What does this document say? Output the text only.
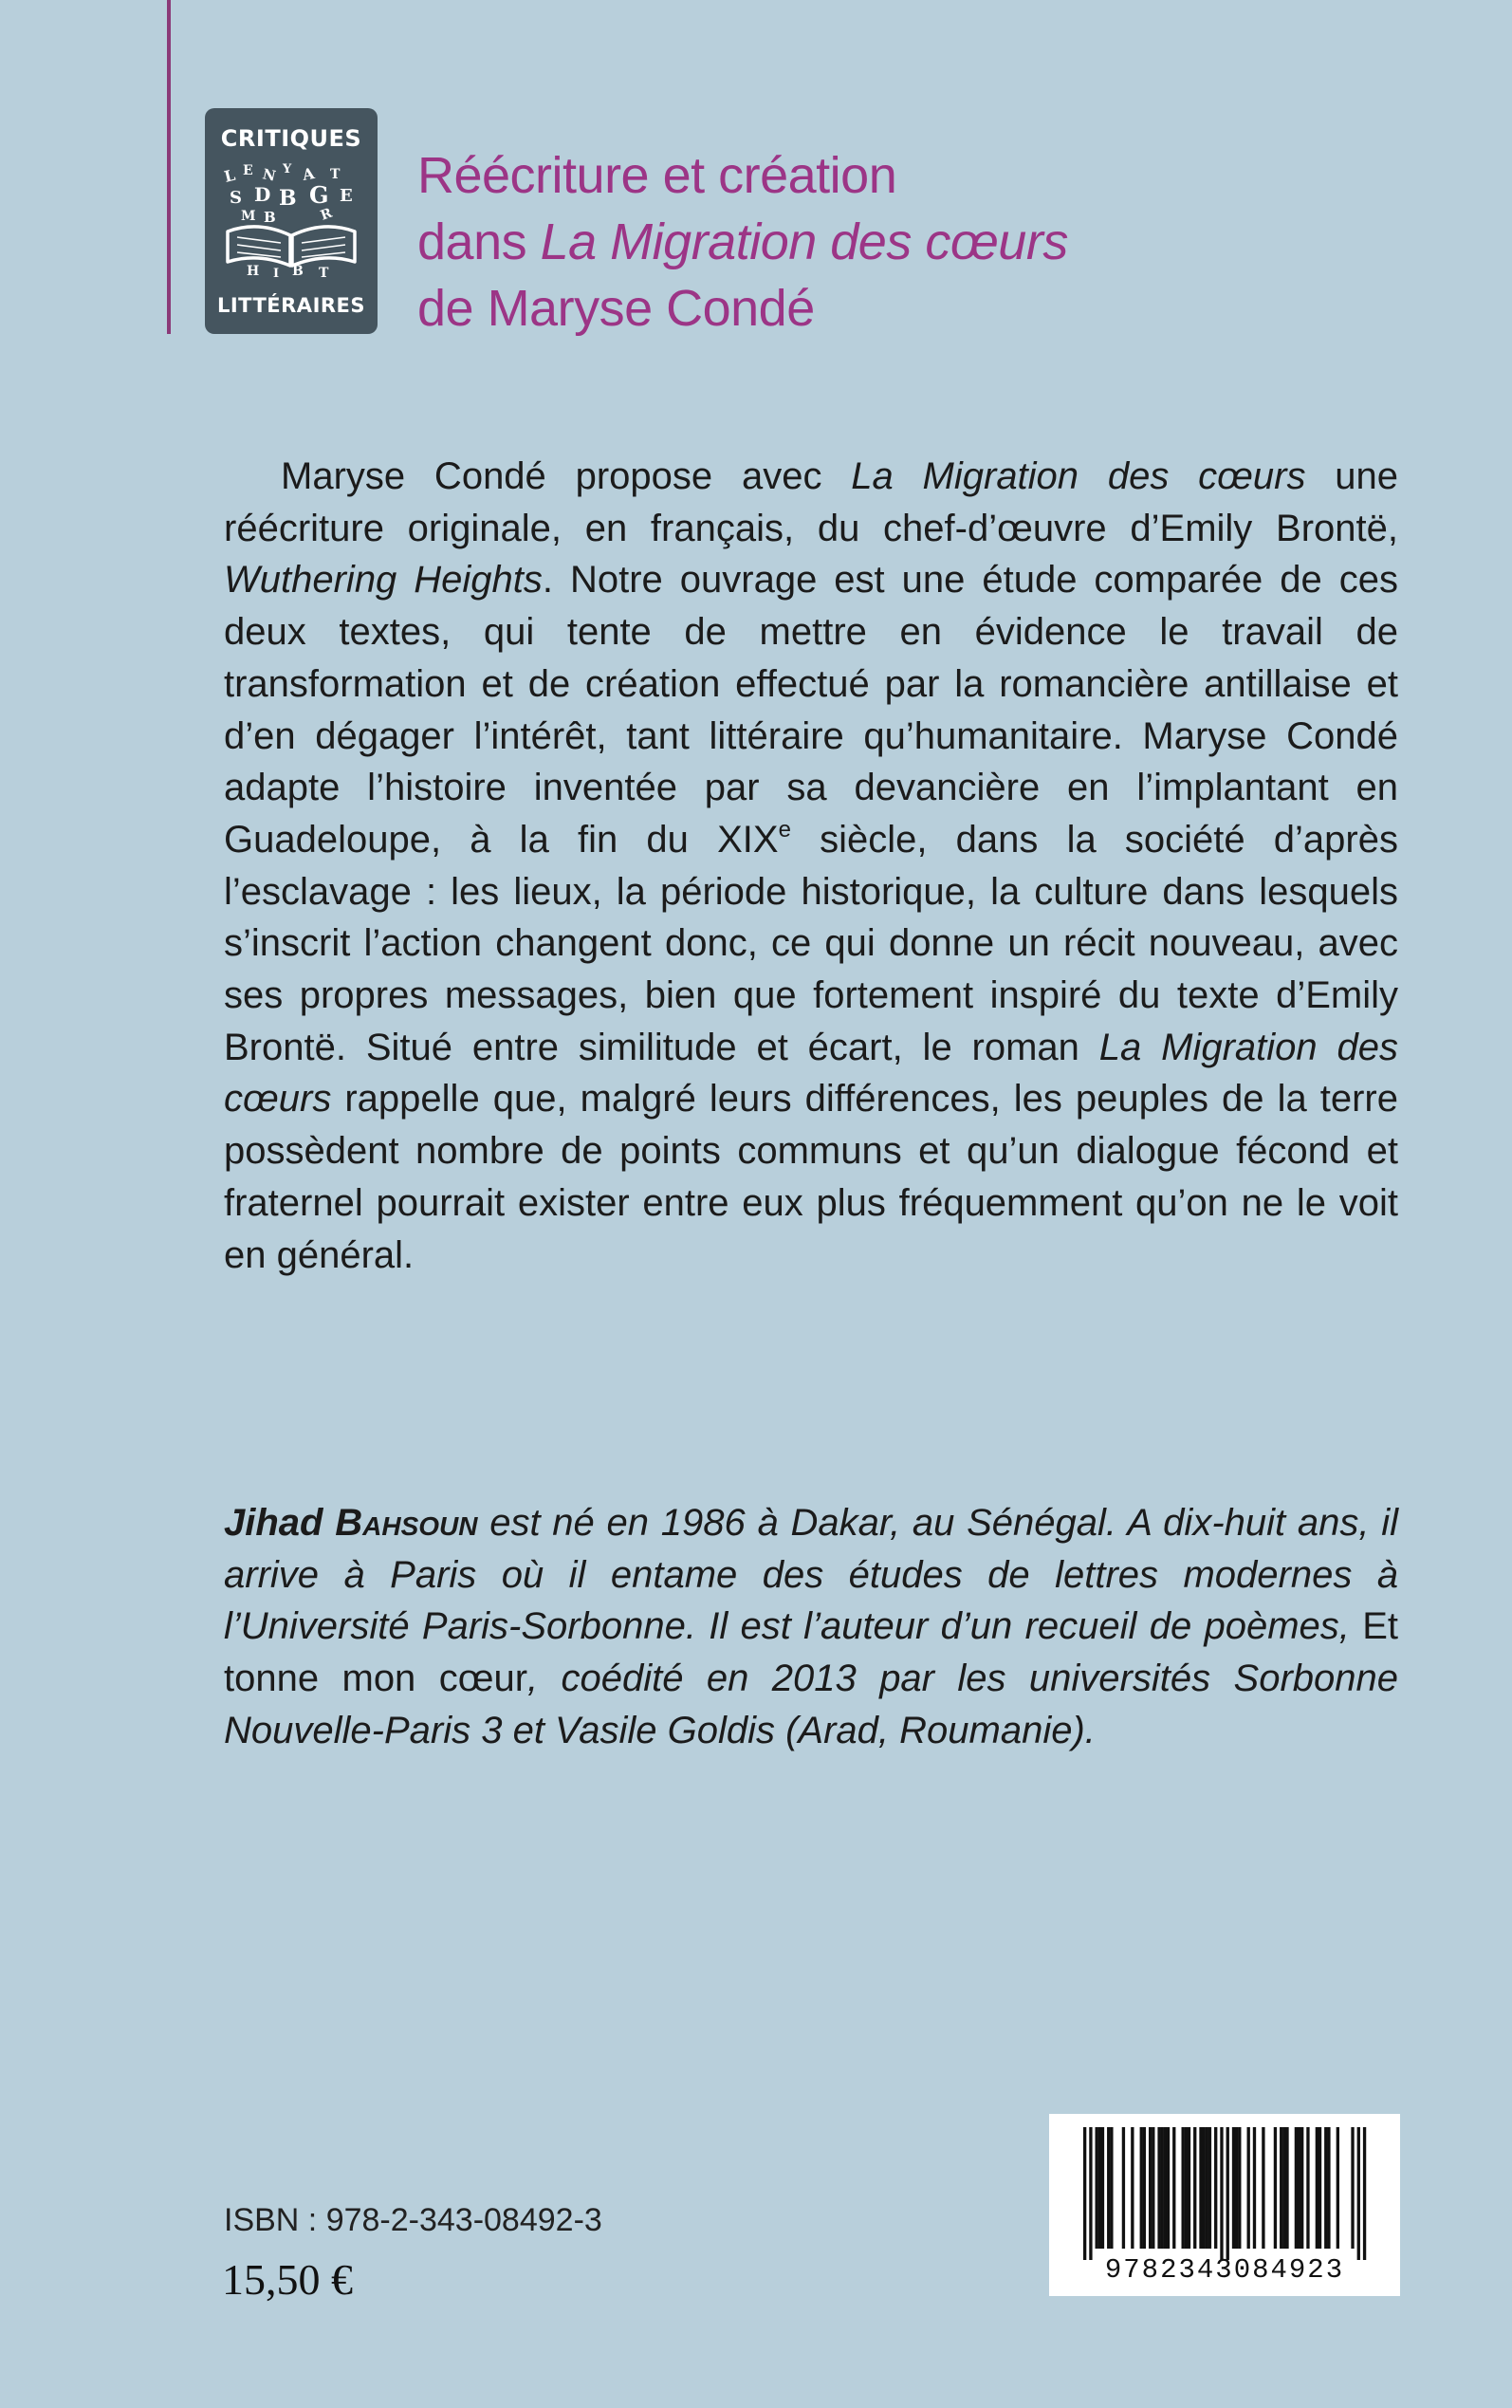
CRITIQUES
L E N Y A T
S D B G E
M B	R
H I B T
LITTÉRAIRES
Réécriture et création
dans La Migration des cœurs
de Maryse Condé

Maryse Condé propose avec La Migration des cœurs une réécriture originale, en français, du chef-d’œuvre d’Emily Brontë, Wuthering Heights. Notre ouvrage est une étude comparée de ces deux textes, qui tente de mettre en évidence le travail de transformation et de création effectué par la romancière antillaise et d’en dégager l’intérêt, tant littéraire qu’humanitaire. Maryse Condé adapte l’histoire inventée par sa devancière en l’implantant en Guadeloupe, à la fin du XIXe siècle, dans la société d’après l’esclavage : les lieux, la période historique, la culture dans lesquels s’inscrit l’action changent donc, ce qui donne un récit nouveau, avec ses propres messages, bien que fortement inspiré du texte d’Emily Brontë. Situé entre similitude et écart, le roman La Migration des cœurs rappelle que, malgré leurs différences, les peuples de la terre possèdent nombre de points communs et qu’un dialogue fécond et fraternel pourrait exister entre eux plus fréquemment qu’on ne le voit en général.

Jihad Bahsoun est né en 1986 à Dakar, au Sénégal. A dix-huit ans, il arrive à Paris où il entame des études de lettres modernes à l’Université Paris-Sorbonne. Il est l’auteur d’un recueil de poèmes, Et tonne mon cœur, coédité en 2013 par les universités Sorbonne Nouvelle-Paris 3 et Vasile Goldis (Arad, Roumanie).

ISBN : 978-2-343-08492-3
15,50 €	9782343084923
